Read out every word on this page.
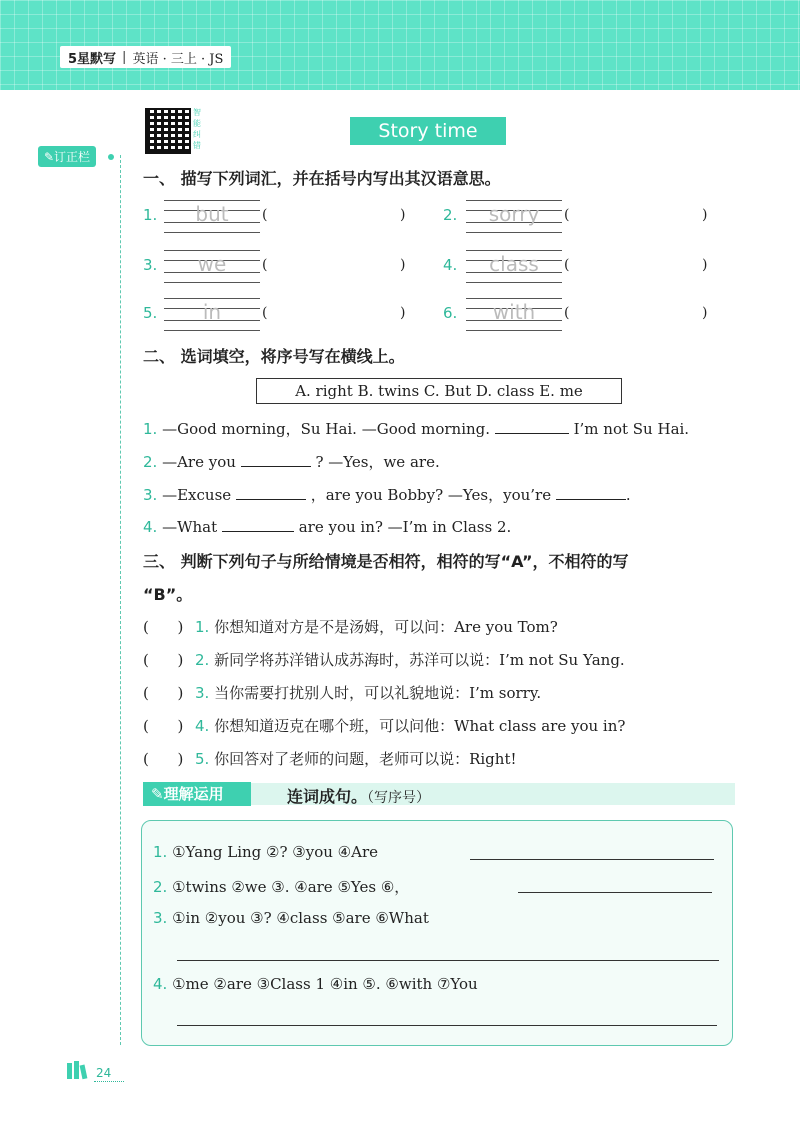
5星默写 | 英语 · 三上 · JS
✎订正栏
智能纠错
Story time
一、 描写下列词汇，并在括号内写出其汉语意思。
1.	but	(	)	2.	sorry	(	)
3.	we	(	)	4.	class	(	)
5.	in	(	)	6.	with	(	)
二、 选词填空，将序号写在横线上。
A. right B. twins C. But D. class E. me
1. —Good morning，Su Hai. —Good morning.	I’m not Su Hai.
2. —Are you	? —Yes，we are.
3. —Excuse	，are you Bobby? —Yes，you’re	.
4. —What	are you in? —I’m in Class 2.
三、 判断下列句子与所给情境是否相符，相符的写“A”，不相符的写
“B”。
(      ) 1. 你想知道对方是不是汤姆，可以问：Are you Tom?
(      ) 2. 新同学将苏洋错认成苏海时，苏洋可以说：I’m not Su Yang.
(      ) 3. 当你需要打扰别人时，可以礼貌地说：I’m sorry.
(      ) 4. 你想知道迈克在哪个班，可以问他：What class are you in?
(      ) 5. 你回答对了老师的问题，老师可以说：Right!
✎理解运用	连词成句。（写序号）
1. ①Yang Ling ②? ③you ④Are
2. ①twins ②we ③. ④are ⑤Yes ⑥，
3. ①in ②you ③? ④class ⑤are ⑥What
4. ①me ②are ③Class 1 ④in ⑤. ⑥with ⑦You
24
